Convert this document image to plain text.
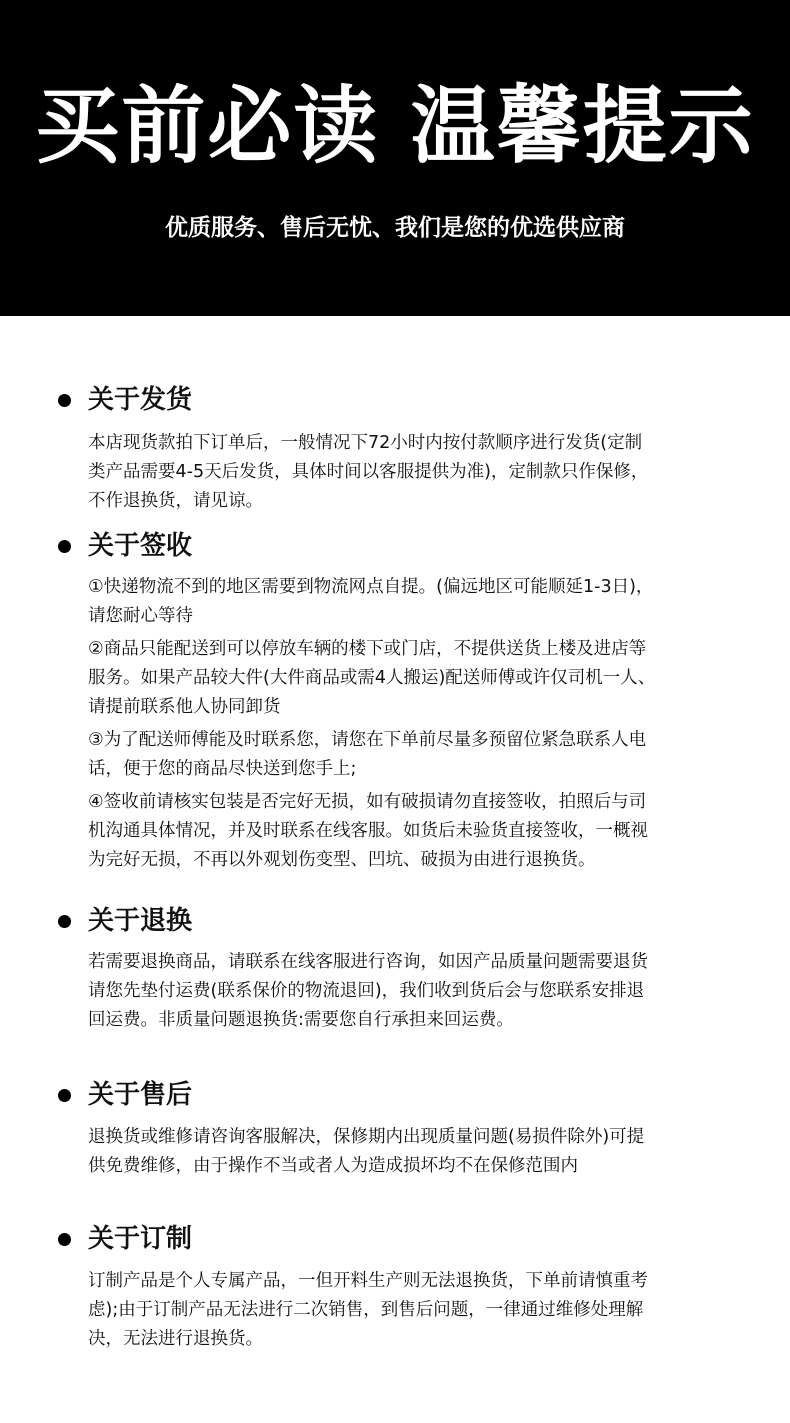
买前必读 温馨提示
优质服务、售后无忧、我们是您的优选供应商
关于发货
本店现货款拍下订单后，一般情况下72小时内按付款顺序进行发货(定制
类产品需要4-5天后发货，具体时间以客服提供为准)，定制款只作保修，
不作退换货，请见谅。
关于签收
①快递物流不到的地区需要到物流网点自提。(偏远地区可能顺延1-3日)，
请您耐心等待
②商品只能配送到可以停放车辆的楼下或门店，不提供送货上楼及进店等
服务。如果产品较大件(大件商品或需4人搬运)配送师傅或许仅司机一人、
请提前联系他人协同卸货
③为了配送师傅能及时联系您，请您在下单前尽量多预留位紧急联系人电
话，便于您的商品尽快送到您手上;
④签收前请核实包装是否完好无损，如有破损请勿直接签收，拍照后与司
机沟通具体情况，并及时联系在线客服。如货后未验货直接签收，一概视
为完好无损，不再以外观划伤变型、凹坑、破损为由进行退换货。
关于退换
若需要退换商品，请联系在线客服进行咨询，如因产品质量问题需要退货
请您先垫付运费(联系保价的物流退回)，我们收到货后会与您联系安排退
回运费。非质量问题退换货:需要您自行承担来回运费。
关于售后
退换货或维修请咨询客服解决，保修期内出现质量问题(易损件除外)可提
供免费维修，由于操作不当或者人为造成损坏均不在保修范围内
关于订制
订制产品是个人专属产品，一但开料生产则无法退换货，下单前请慎重考
虑);由于订制产品无法进行二次销售，到售后问题，一律通过维修处理解
决，无法进行退换货。
